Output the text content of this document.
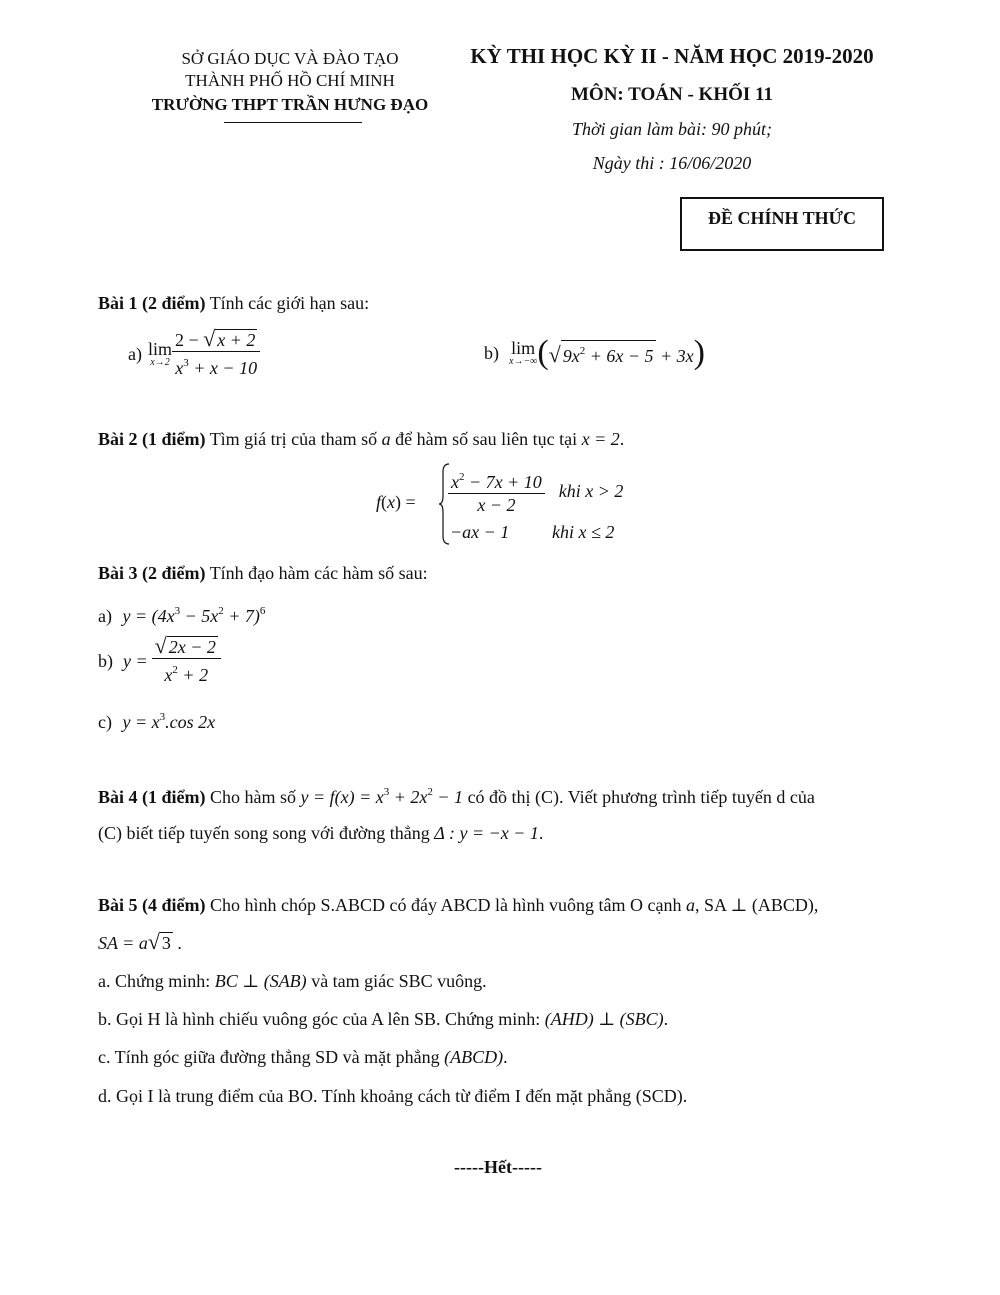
SỞ GIÁO DỤC VÀ ĐÀO TẠO
THÀNH PHỐ HỒ CHÍ MINH
TRƯỜNG THPT TRẦN HƯNG ĐẠO
KỲ THI HỌC KỲ II - NĂM HỌC 2019-2020
MÔN: TOÁN - KHỐI 11
Thời gian làm bài: 90 phút;
Ngày thi : 16/06/2020
ĐỀ CHÍNH THỨC
Bài 1 (2 điểm) Tính các giới hạn sau:
a) lim
$x\to 2 \frac{2 - √ x + 2}{x^3 + x - 10}$	b) lim
x→−∞ ( √ $9x^2 + 6x - 5 + 3x$ )
Bài 2 (1 điểm) Tìm giá trị của tham số a để hàm số sau liên tục tại x = 2.
$f(x) = \frac{x^2 - 7x + 10}{x - 2}$ khi x > 2
−ax − 1	khi x ≤ 2
Bài 3 (2 điểm) Tính đạo hàm các hàm số sau:
a) $y = (4x^3 - 5x^2 + 7)^6$
b) $y = \frac{√ 2x - 2}{x^2 + 2}$
c) $y = x^3.\cos$ 2x
Bài 4 (1 điểm) Cho hàm số $y = f(x) = x^3 + 2x^2 - 1$ có đồ thị (C). Viết phương trình tiếp tuyến d của
(C) biết tiếp tuyến song song với đường thẳng Δ : y = −x − 1.
Bài 5 (4 điểm) Cho hình chóp S.ABCD có đáy ABCD là hình vuông tâm O cạnh a, SA ⊥ (ABCD),
SA = a√ 3 .
a. Chứng minh: BC ⊥ (SAB) và tam giác SBC vuông.
b. Gọi H là hình chiếu vuông góc của A lên SB. Chứng minh: (AHD) ⊥ (SBC).
c. Tính góc giữa đường thẳng SD và mặt phẳng (ABCD).
d. Gọi I là trung điểm của BO. Tính khoảng cách từ điểm I đến mặt phẳng (SCD).
-----Hết-----
